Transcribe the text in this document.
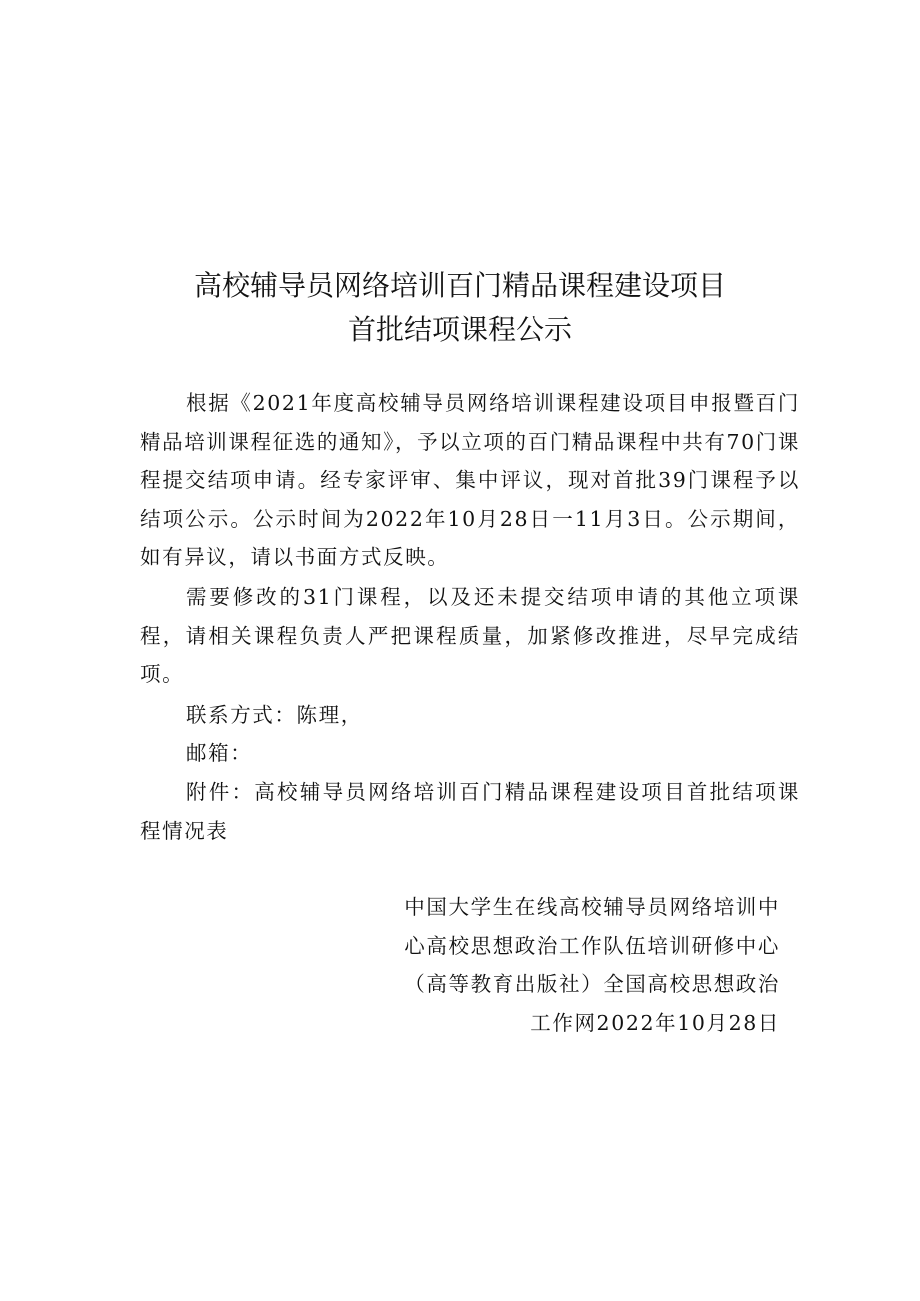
高校辅导员网络培训百门精品课程建设项目
首批结项课程公示

根据《2021年度高校辅导员网络培训课程建设项目申报暨百门精品培训课程征选的通知》，予以立项的百门精品课程中共有70门课程提交结项申请。经专家评审、集中评议，现对首批39门课程予以结项公示。公示时间为2022年10月28日一11月3日。公示期间，如有异议，请以书面方式反映。

需要修改的31门课程，以及还未提交结项申请的其他立项课程，请相关课程负责人严把课程质量，加紧修改推进，尽早完成结项。

联系方式：陈理，

邮箱：

附件：高校辅导员网络培训百门精品课程建设项目首批结项课程情况表

中国大学生在线高校辅导员网络培训中
心高校思想政治工作队伍培训研修中心
（高等教育出版社）全国高校思想政治
工作网2022年10月28日
